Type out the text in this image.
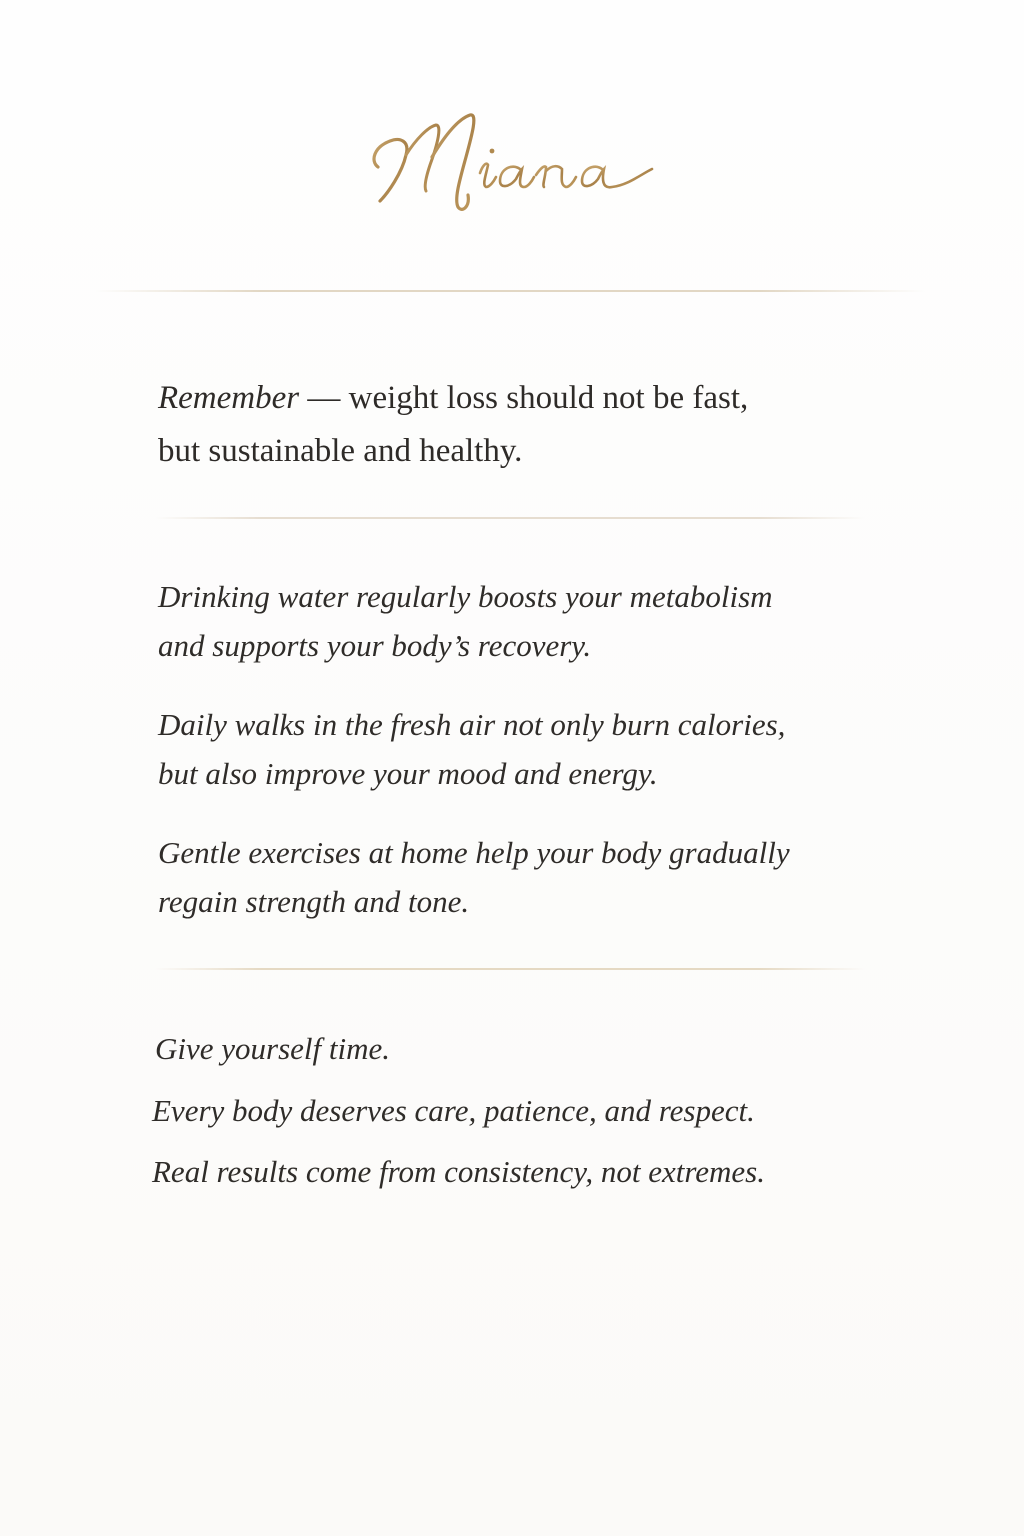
Miara
Remember — weight loss should not be fast,
but sustainable and healthy.
Drinking water regularly boosts your metabolism
and supports your body’s recovery.
Daily walks in the fresh air not only burn calories,
but also improve your mood and energy.
Gentle exercises at home help your body gradually
regain strength and tone.
Give yourself time.
Every body deserves care, patience, and respect.
Real results come from consistency, not extremes.
